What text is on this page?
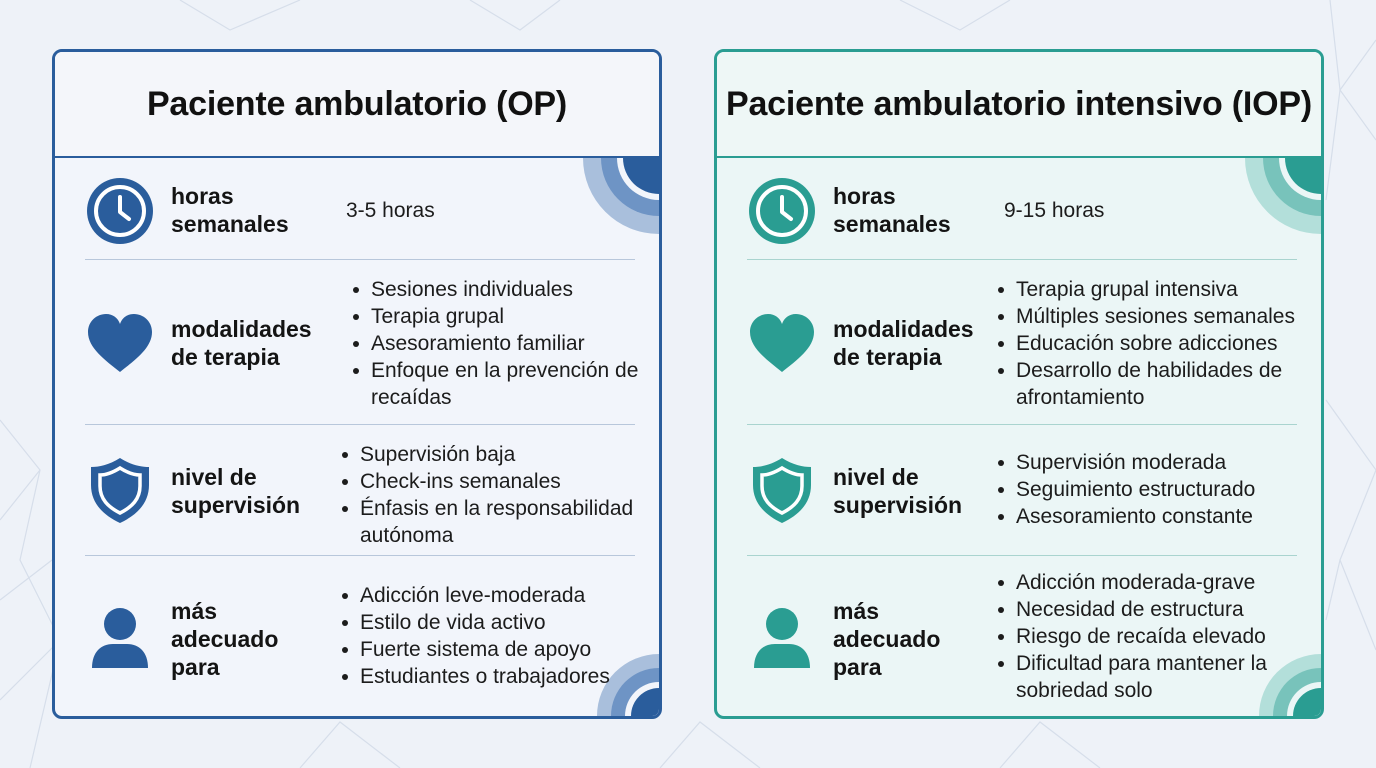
Paciente ambulatorio (OP)
horas
semanales
3-5 horas
modalidades
de terapia
Sesiones individuales
Terapia grupal
Asesoramiento familiar
Enfoque en la prevención de recaídas
nivel de
supervisión
Supervisión baja
Check-ins semanales
Énfasis en la responsabilidad autónoma
más
adecuado
para
Adicción leve-moderada
Estilo de vida activo
Fuerte sistema de apoyo
Estudiantes o trabajadores
Paciente ambulatorio intensivo (IOP)
horas
semanales
9-15 horas
modalidades
de terapia
Terapia grupal intensiva
Múltiples sesiones semanales
Educación sobre adicciones
Desarrollo de habilidades de afrontamiento
nivel de
supervisión
Supervisión moderada
Seguimiento estructurado
Asesoramiento constante
más
adecuado
para
Adicción moderada-grave
Necesidad de estructura
Riesgo de recaída elevado
Dificultad para mantener la sobriedad solo
